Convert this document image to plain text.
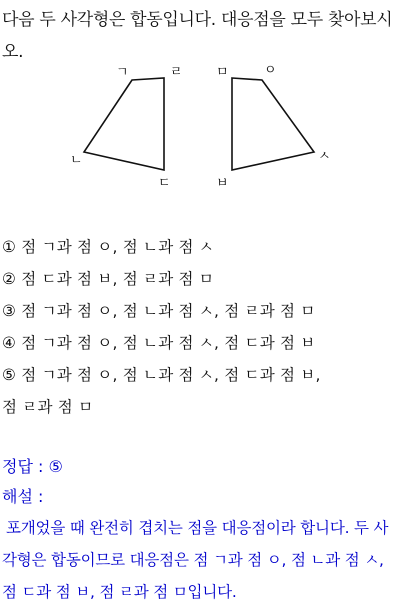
다음 두 사각형은 합동입니다. 대응점을 모두 찾아보시오.
ㄱ	ㄹ
ㄴ
ㄷ
ㅁ	ㅇ
ㅅ
ㅂ
① 점 ㄱ과 점 ㅇ, 점 ㄴ과 점 ㅅ
② 점 ㄷ과 점 ㅂ, 점 ㄹ과 점 ㅁ
③ 점 ㄱ과 점 ㅇ, 점 ㄴ과 점 ㅅ, 점 ㄹ과 점 ㅁ
④ 점 ㄱ과 점 ㅇ, 점 ㄴ과 점 ㅅ, 점 ㄷ과 점 ㅂ
⑤ 점 ㄱ과 점 ㅇ, 점 ㄴ과 점 ㅅ, 점 ㄷ과 점 ㅂ,
점 ㄹ과 점 ㅁ
정답 : ⑤
해설 :
포개었을 때 완전히 겹치는 점을 대응점이라 합니다. 두 사각형은 합동이므로 대응점은 점 ㄱ과 점 ㅇ, 점 ㄴ과 점 ㅅ, 점 ㄷ과 점 ㅂ, 점 ㄹ과 점 ㅁ입니다.
